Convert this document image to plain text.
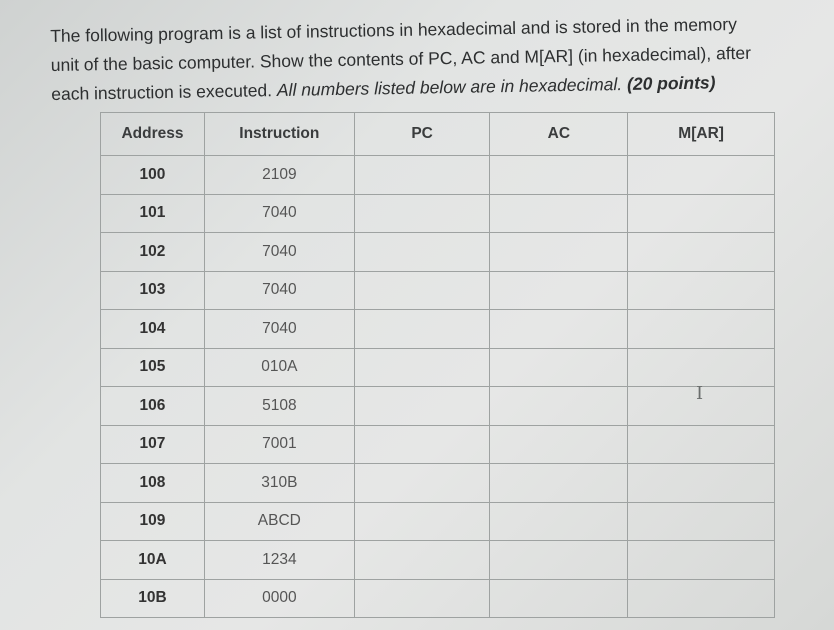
The following program is a list of instructions in hexadecimal and is stored in the memory
unit of the basic computer. Show the contents of PC, AC and M[AR] (in hexadecimal), after
each instruction is executed. All numbers listed below are in hexadecimal. (20 points)
Address	Instruction	PC	AC	M[AR]
100	2109			
101	7040			
102	7040			
103	7040			
104	7040			
105	010A			
106	5108			
107	7001			
108	310B			
109	ABCD			
10A	1234			
10B	0000			
I
